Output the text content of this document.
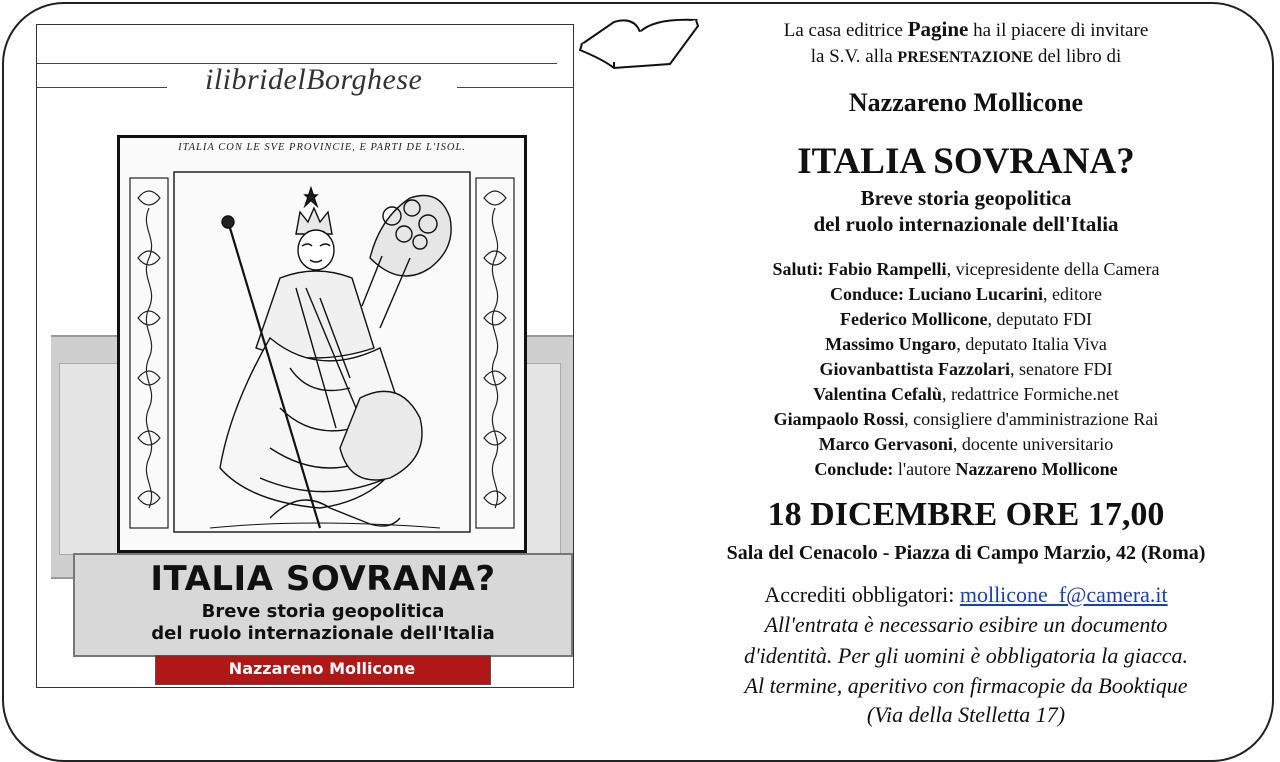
ilibridelBorghese
ITALIA CON LE SVE PROVINCIE, E PARTI DE L'ISOL.
ITALIA SOVRANA?
Breve storia geopolitica
del ruolo internazionale dell'Italia
Nazzareno Mollicone
La casa editrice Pagine ha il piacere di invitare
la S.V. alla PRESENTAZIONE del libro di
Nazzareno Mollicone
ITALIA SOVRANA?
Breve storia geopolitica
del ruolo internazionale dell'Italia
Saluti: Fabio Rampelli, vicepresidente della Camera
Conduce: Luciano Lucarini, editore
Federico Mollicone, deputato FDI
Massimo Ungaro, deputato Italia Viva
Giovanbattista Fazzolari, senatore FDI
Valentina Cefalù, redattrice Formiche.net
Giampaolo Rossi, consigliere d'amministrazione Rai
Marco Gervasoni, docente universitario
Conclude: l'autore Nazzareno Mollicone
18 DICEMBRE ORE 17,00
Sala del Cenacolo - Piazza di Campo Marzio, 42 (Roma)
Accrediti obbligatori: mollicone_f@camera.it
All'entrata è necessario esibire un documento
d'identità. Per gli uomini è obbligatoria la giacca.
Al termine, aperitivo con firmacopie da Booktique
(Via della Stelletta 17)
